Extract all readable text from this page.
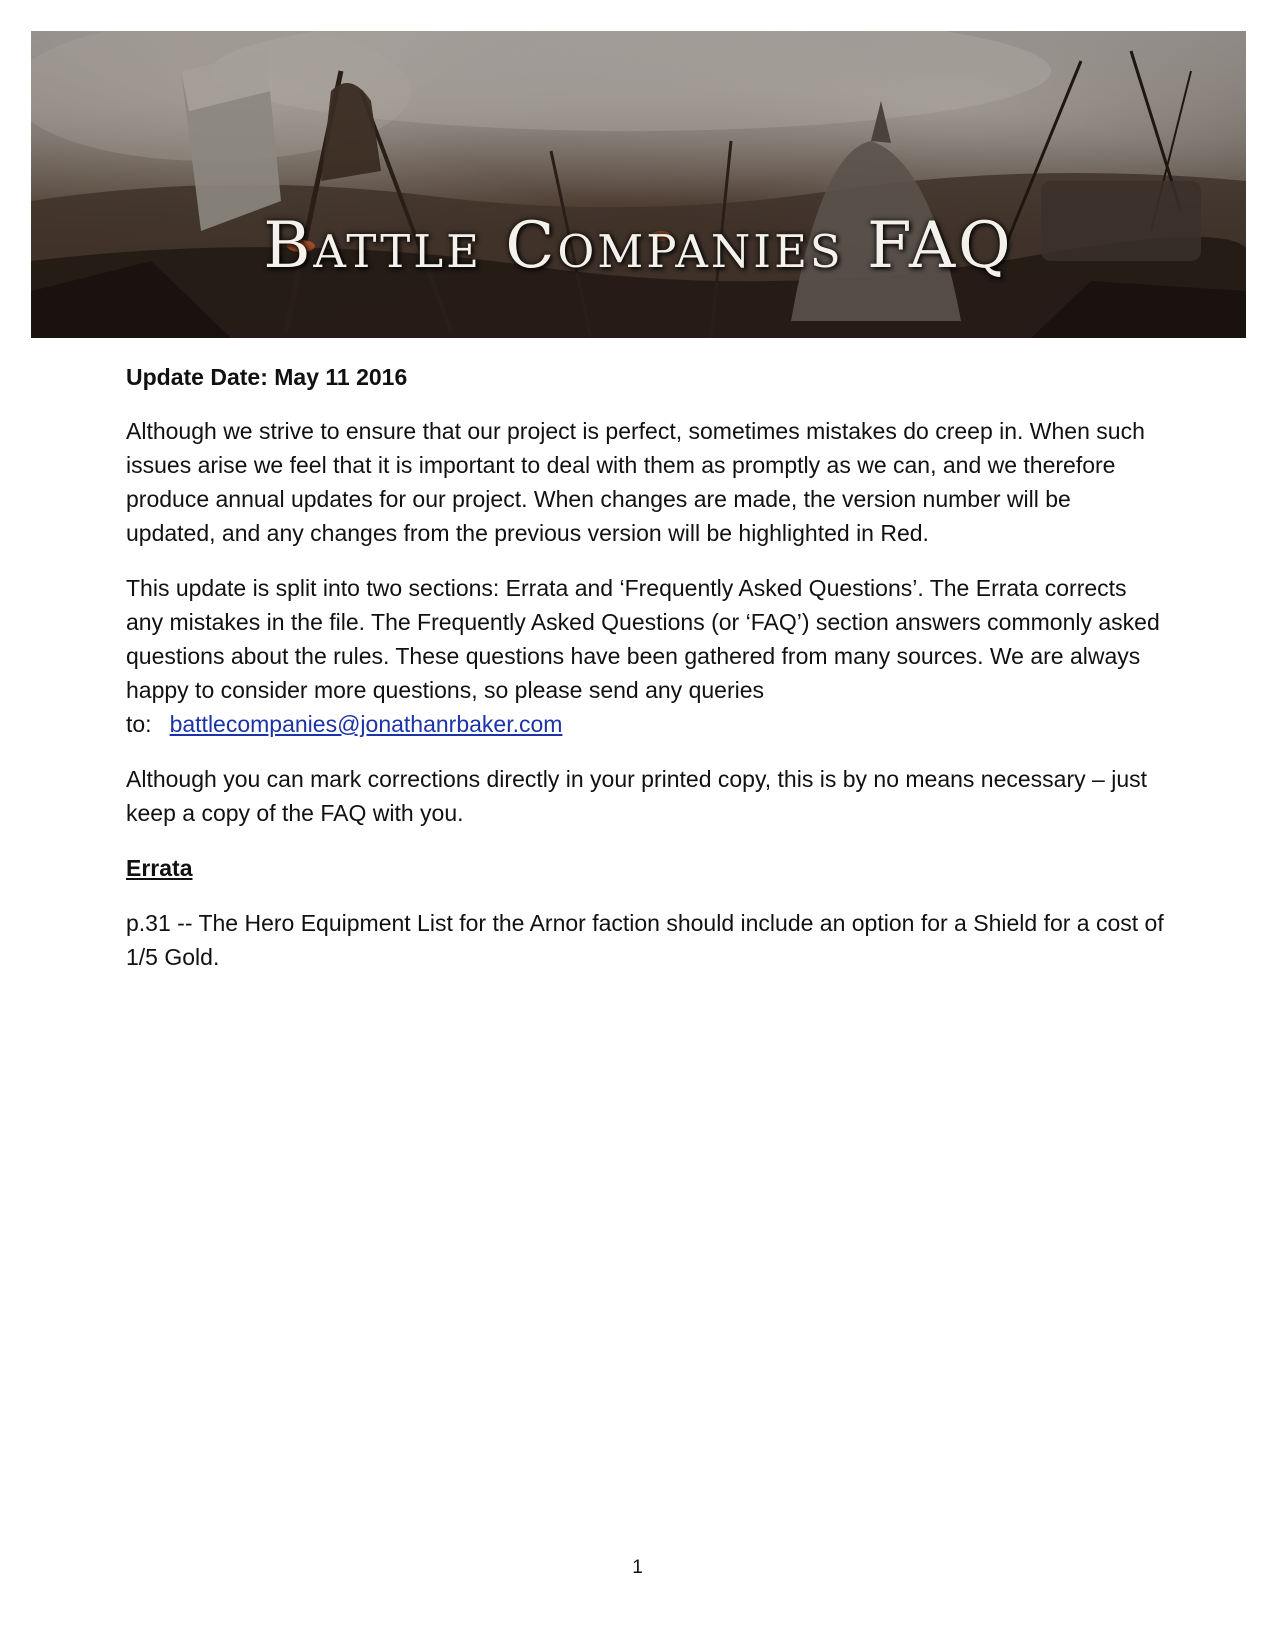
Battle Companies FAQ
Update Date: May 11 2016

Although we strive to ensure that our project is perfect, sometimes mistakes do creep in. When such issues arise we feel that it is important to deal with them as promptly as we can, and we therefore produce annual updates for our project. When changes are made, the version number will be updated, and any changes from the previous version will be highlighted in Red.

This update is split into two sections: Errata and ‘Frequently Asked Questions’. The Errata corrects any mistakes in the file. The Frequently Asked Questions (or ‘FAQ’) section answers commonly asked questions about the rules. These questions have been gathered from many sources. We are always happy to consider more questions, so please send any queries to: battlecompanies@jonathanrbaker.com

Although you can mark corrections directly in your printed copy, this is by no means necessary – just keep a copy of the FAQ with you.

Errata

p.31 -- The Hero Equipment List for the Arnor faction should include an option for a Shield for a cost of 1/5 Gold.

1
